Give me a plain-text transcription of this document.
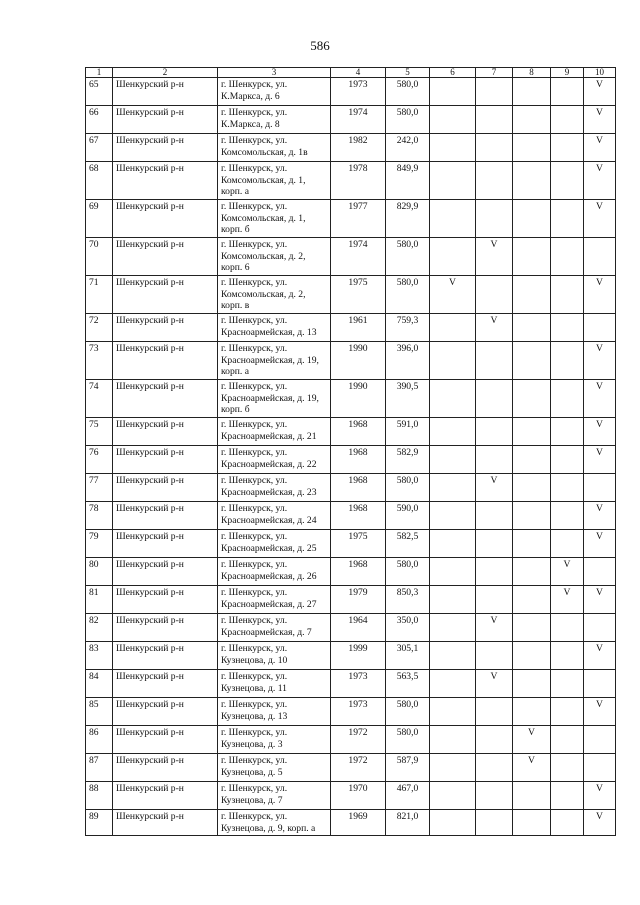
586
1	2	3	4	5	6	7	8	9	10
65	Шенкурский р-н	г. Шенкурск, ул. К.Маркса, д. 6	1973	580,0					V
66	Шенкурский р-н	г. Шенкурск, ул. К.Маркса, д. 8	1974	580,0					V
67	Шенкурский р-н	г. Шенкурск, ул. Комсомольская, д. 1в	1982	242,0					V
68	Шенкурский р-н	г. Шенкурск, ул. Комсомольская, д. 1, корп. а	1978	849,9					V
69	Шенкурский р-н	г. Шенкурск, ул. Комсомольская, д. 1, корп. б	1977	829,9					V
70	Шенкурский р-н	г. Шенкурск, ул. Комсомольская, д. 2, корп. 6	1974	580,0		V			
71	Шенкурский р-н	г. Шенкурск, ул. Комсомольская, д. 2, корп. в	1975	580,0	V				V
72	Шенкурский р-н	г. Шенкурск, ул. Красноармейская, д. 13	1961	759,3		V			
73	Шенкурский р-н	г. Шенкурск, ул. Красноармейская, д. 19, корп. а	1990	396,0					V
74	Шенкурский р-н	г. Шенкурск, ул. Красноармейская, д. 19, корп. б	1990	390,5					V
75	Шенкурский р-н	г. Шенкурск, ул. Красноармейская, д. 21	1968	591,0					V
76	Шенкурский р-н	г. Шенкурск, ул. Красноармейская, д. 22	1968	582,9					V
77	Шенкурский р-н	г. Шенкурск, ул. Красноармейская, д. 23	1968	580,0		V			
78	Шенкурский р-н	г. Шенкурск, ул. Красноармейская, д. 24	1968	590,0					V
79	Шенкурский р-н	г. Шенкурск, ул. Красноармейская, д. 25	1975	582,5					V
80	Шенкурский р-н	г. Шенкурск, ул. Красноармейская, д. 26	1968	580,0				V	
81	Шенкурский р-н	г. Шенкурск, ул. Красноармейская, д. 27	1979	850,3				V	V
82	Шенкурский р-н	г. Шенкурск, ул. Красноармейская, д. 7	1964	350,0		V			
83	Шенкурский р-н	г. Шенкурск, ул. Кузнецова, д. 10	1999	305,1					V
84	Шенкурский р-н	г. Шенкурск, ул. Кузнецова, д. 11	1973	563,5		V			
85	Шенкурский р-н	г. Шенкурск, ул. Кузнецова, д. 13	1973	580,0					V
86	Шенкурский р-н	г. Шенкурск, ул. Кузнецова, д. 3	1972	580,0			V		
87	Шенкурский р-н	г. Шенкурск, ул. Кузнецова, д. 5	1972	587,9			V		
88	Шенкурский р-н	г. Шенкурск, ул. Кузнецова, д. 7	1970	467,0					V
89	Шенкурский р-н	г. Шенкурск, ул. Кузнецова, д. 9, корп. а	1969	821,0					V
